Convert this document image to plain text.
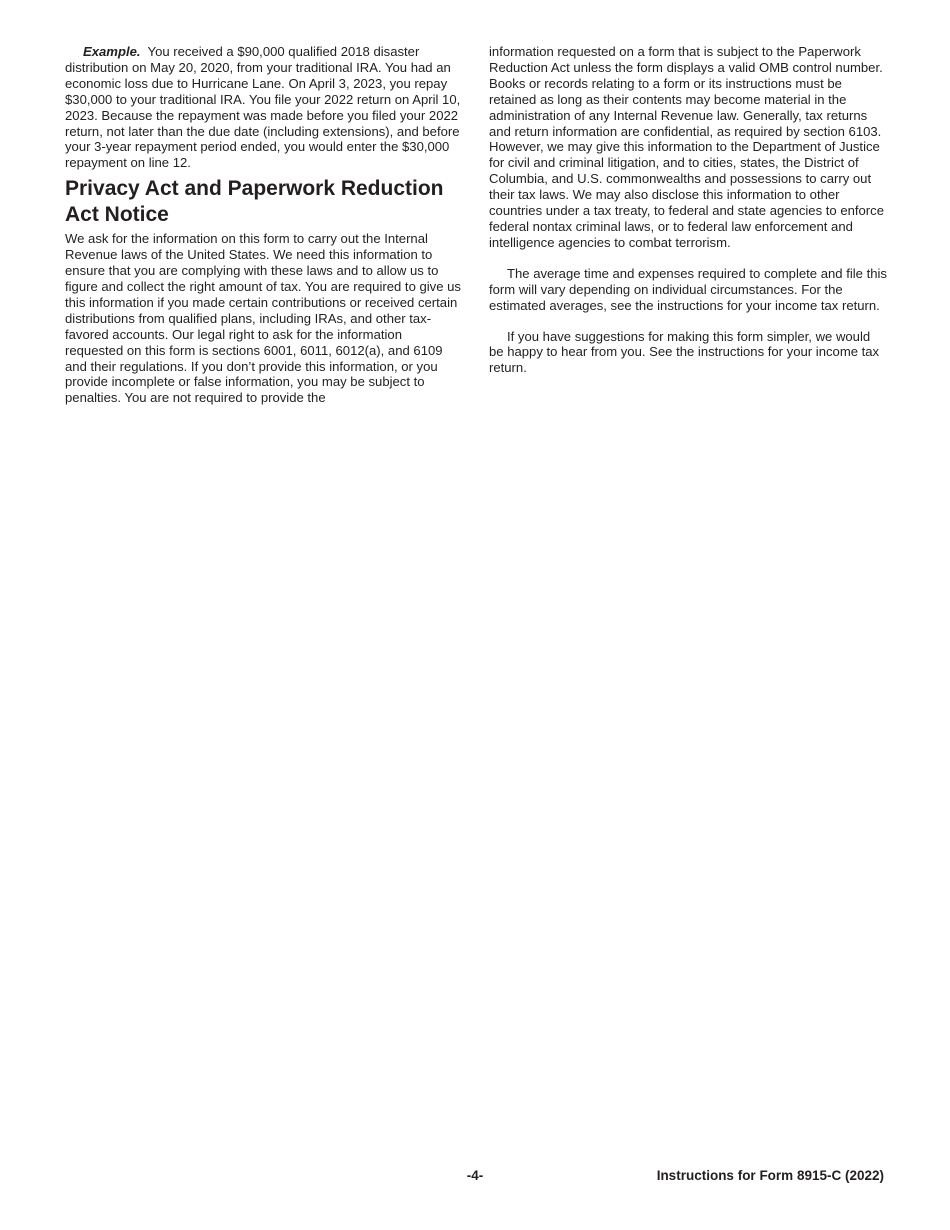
Example. You received a $90,000 qualified 2018 disaster distribution on May 20, 2020, from your traditional IRA. You had an economic loss due to Hurricane Lane. On April 3, 2023, you repay $30,000 to your traditional IRA. You file your 2022 return on April 10, 2023. Because the repayment was made before you filed your 2022 return, not later than the due date (including extensions), and before your 3-year repayment period ended, you would enter the $30,000 repayment on line 12.

Privacy Act and Paperwork Reduction Act Notice

We ask for the information on this form to carry out the Internal Revenue laws of the United States. We need this information to ensure that you are complying with these laws and to allow us to figure and collect the right amount of tax. You are required to give us this information if you made certain contributions or received certain distributions from qualified plans, including IRAs, and other tax-favored accounts. Our legal right to ask for the information requested on this form is sections 6001, 6011, 6012(a), and 6109 and their regulations. If you don’t provide this information, or you provide incomplete or false information, you may be subject to penalties. You are not required to provide the

information requested on a form that is subject to the Paperwork Reduction Act unless the form displays a valid OMB control number. Books or records relating to a form or its instructions must be retained as long as their contents may become material in the administration of any Internal Revenue law. Generally, tax returns and return information are confidential, as required by section 6103. However, we may give this information to the Department of Justice for civil and criminal litigation, and to cities, states, the District of Columbia, and U.S. commonwealths and possessions to carry out their tax laws. We may also disclose this information to other countries under a tax treaty, to federal and state agencies to enforce federal nontax criminal laws, or to federal law enforcement and intelligence agencies to combat terrorism.

The average time and expenses required to complete and file this form will vary depending on individual circumstances. For the estimated averages, see the instructions for your income tax return.

If you have suggestions for making this form simpler, we would be happy to hear from you. See the instructions for your income tax return.

-4-	Instructions for Form 8915-C (2022)
